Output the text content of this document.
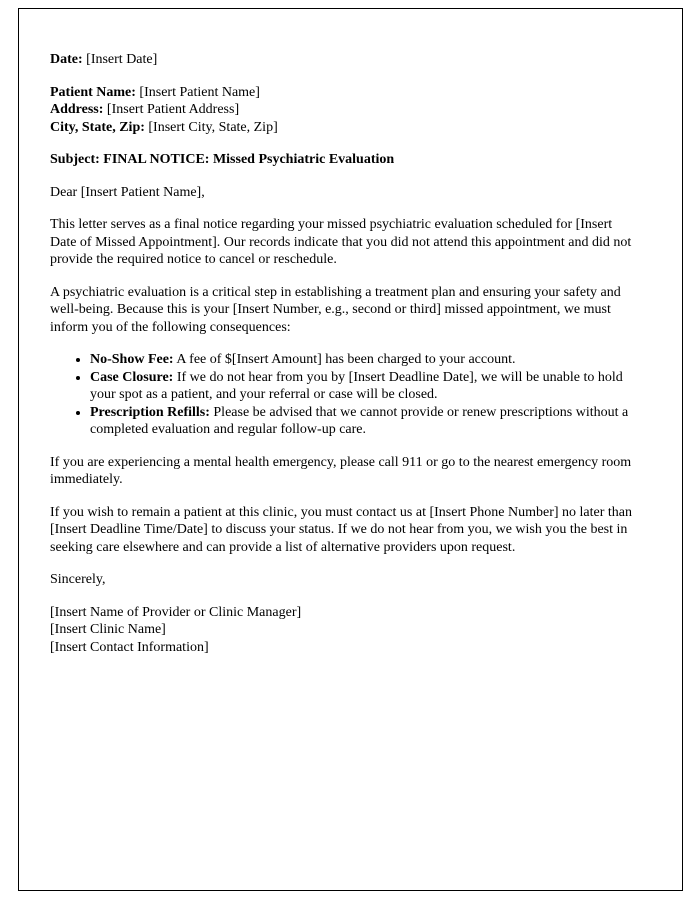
Date: [Insert Date]

Patient Name: [Insert Patient Name]

Address: [Insert Patient Address]

City, State, Zip: [Insert City, State, Zip]

Subject: FINAL NOTICE: Missed Psychiatric Evaluation

Dear [Insert Patient Name],

This letter serves as a final notice regarding your missed psychiatric evaluation scheduled for [Insert Date of Missed Appointment]. Our records indicate that you did not attend this appointment and did not provide the required notice to cancel or reschedule.

A psychiatric evaluation is a critical step in establishing a treatment plan and ensuring your safety and well-being. Because this is your [Insert Number, e.g., second or third] missed appointment, we must inform you of the following consequences:

• No-Show Fee: A fee of $[Insert Amount] has been charged to your account.
• Case Closure: If we do not hear from you by [Insert Deadline Date], we will be unable to hold your spot as a patient, and your referral or case will be closed.
• Prescription Refills: Please be advised that we cannot provide or renew prescriptions without a completed evaluation and regular follow-up care.

If you are experiencing a mental health emergency, please call 911 or go to the nearest emergency room immediately.

If you wish to remain a patient at this clinic, you must contact us at [Insert Phone Number] no later than [Insert Deadline Time/Date] to discuss your status. If we do not hear from you, we wish you the best in seeking care elsewhere and can provide a list of alternative providers upon request.

Sincerely,

[Insert Name of Provider or Clinic Manager]

[Insert Clinic Name]

[Insert Contact Information]
